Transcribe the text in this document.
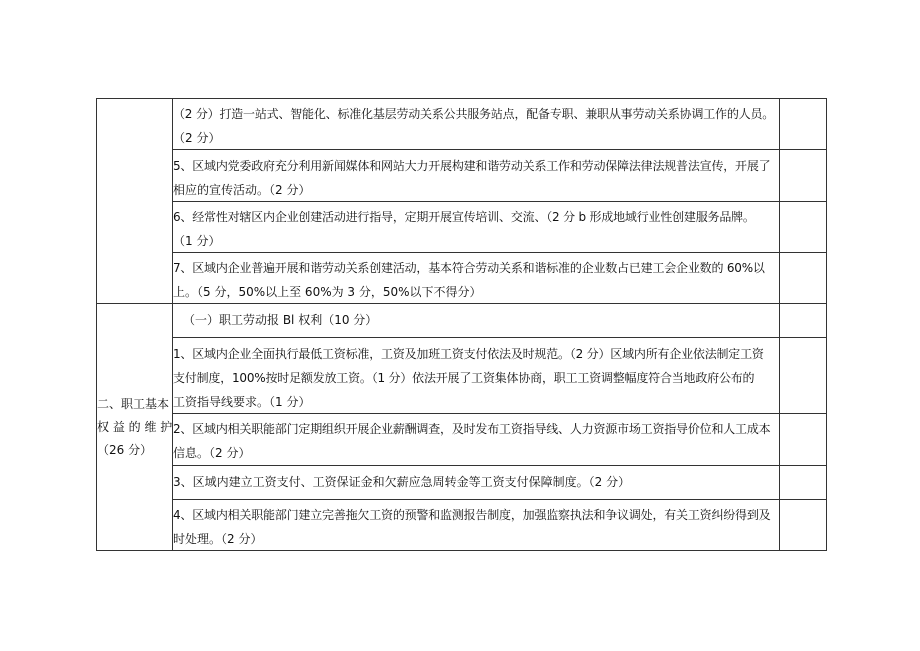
二、职工基本
权 益 的 维 护
（26 分）
（2 分）打造一站式、智能化、标准化基层劳动关系公共服务站点，配备专职、兼职从事劳动关系协调工作的人员。
（2 分）
5、区域内党委政府充分利用新闻媒体和网站大力开展构建和谐劳动关系工作和劳动保障法律法规普法宣传，开展了
相应的宣传活动。（2 分）
6、经常性对辖区内企业创建活动进行指导，定期开展宣传培训、交流、（2 分 b 形成地域行业性创建服务品牌。
（1 分）
7、区域内企业普遍开展和谐劳动关系创建活动，基本符合劳动关系和谐标准的企业数占已建工会企业数的 60%以
上。（5 分，50%以上至 60%为 3 分，50%以下不得分）
（一）职工劳动报 Bl 权利（10 分）
1、区域内企业全面执行最低工资标准，工资及加班工资支付依法及时规范。（2 分）区域内所有企业依法制定工资
支付制度，100%按时足额发放工资。（1 分）依法开展了工资集体协商，职工工资调整幅度符合当地政府公布的
工资指导线要求。（1 分）
2、区域内相关职能部门定期组织开展企业薪酬调查，及时发布工资指导线、人力资源市场工资指导价位和人工成本
信息。（2 分）
3、区域内建立工资支付、工资保证金和欠薪应急周转金等工资支付保障制度。（2 分）
4、区域内相关职能部门建立完善拖欠工资的预警和监测报告制度，加强监察执法和争议调处，有关工资纠纷得到及
时处理。（2 分）
